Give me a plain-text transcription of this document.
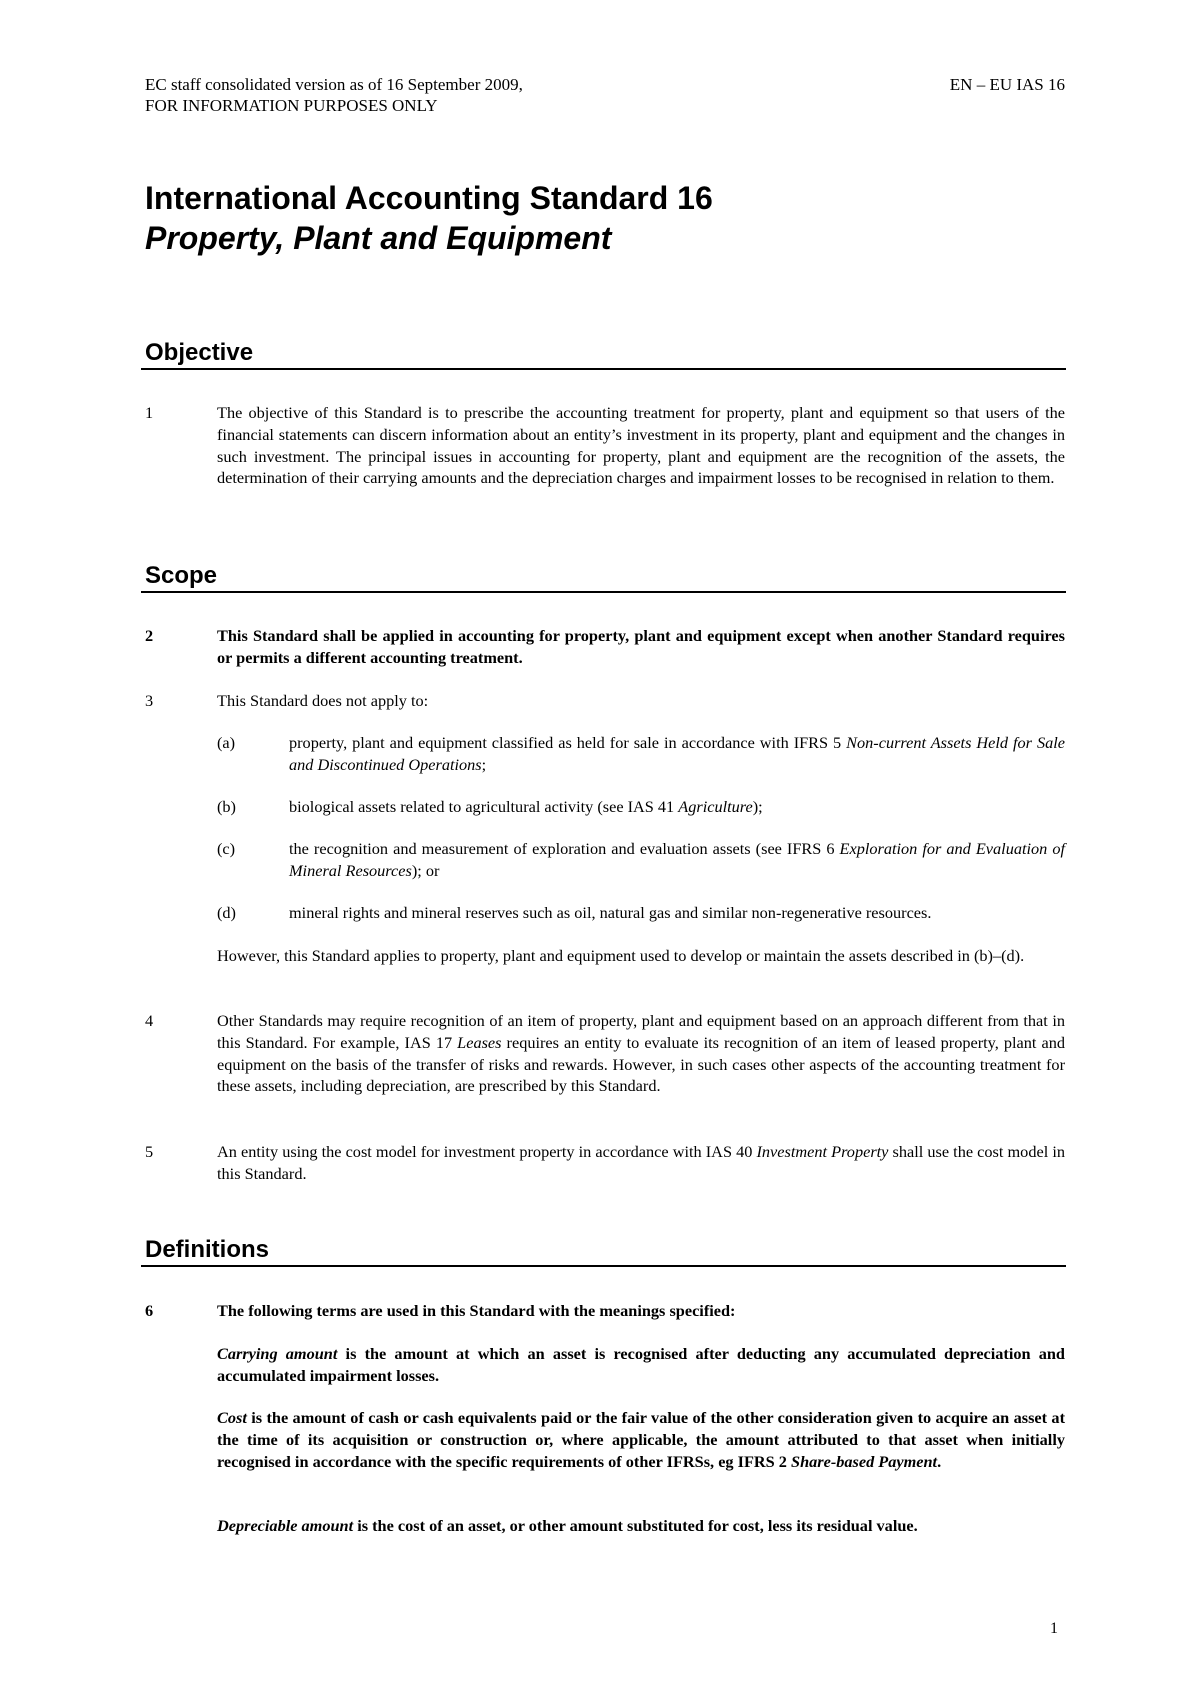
EC staff consolidated version as of 16 September 2009,
FOR INFORMATION PURPOSES ONLY
EN – EU IAS 16
International Accounting Standard 16
Property, Plant and Equipment
Objective
1	The objective of this Standard is to prescribe the accounting treatment for property, plant and equipment so that users of the financial statements can discern information about an entity’s investment in its property, plant and equipment and the changes in such investment. The principal issues in accounting for property, plant and equipment are the recognition of the assets, the determination of their carrying amounts and the depreciation charges and impairment losses to be recognised in relation to them.
Scope
2	This Standard shall be applied in accounting for property, plant and equipment except when another Standard requires or permits a different accounting treatment.
3	This Standard does not apply to:
(a)	property, plant and equipment classified as held for sale in accordance with IFRS 5 Non-current Assets Held for Sale and Discontinued Operations;
(b)	biological assets related to agricultural activity (see IAS 41 Agriculture);
(c)	the recognition and measurement of exploration and evaluation assets (see IFRS 6 Exploration for and Evaluation of Mineral Resources); or
(d)	mineral rights and mineral reserves such as oil, natural gas and similar non-regenerative resources.
However, this Standard applies to property, plant and equipment used to develop or maintain the assets described in (b)–(d).
4	Other Standards may require recognition of an item of property, plant and equipment based on an approach different from that in this Standard. For example, IAS 17 Leases requires an entity to evaluate its recognition of an item of leased property, plant and equipment on the basis of the transfer of risks and rewards. However, in such cases other aspects of the accounting treatment for these assets, including depreciation, are prescribed by this Standard.
5	An entity using the cost model for investment property in accordance with IAS 40 Investment Property shall use the cost model in this Standard.
Definitions
6	The following terms are used in this Standard with the meanings specified:
Carrying amount is the amount at which an asset is recognised after deducting any accumulated depreciation and accumulated impairment losses.
Cost is the amount of cash or cash equivalents paid or the fair value of the other consideration given to acquire an asset at the time of its acquisition or construction or, where applicable, the amount attributed to that asset when initially recognised in accordance with the specific requirements of other IFRSs, eg IFRS 2 Share-based Payment.
Depreciable amount is the cost of an asset, or other amount substituted for cost, less its residual value.
1
